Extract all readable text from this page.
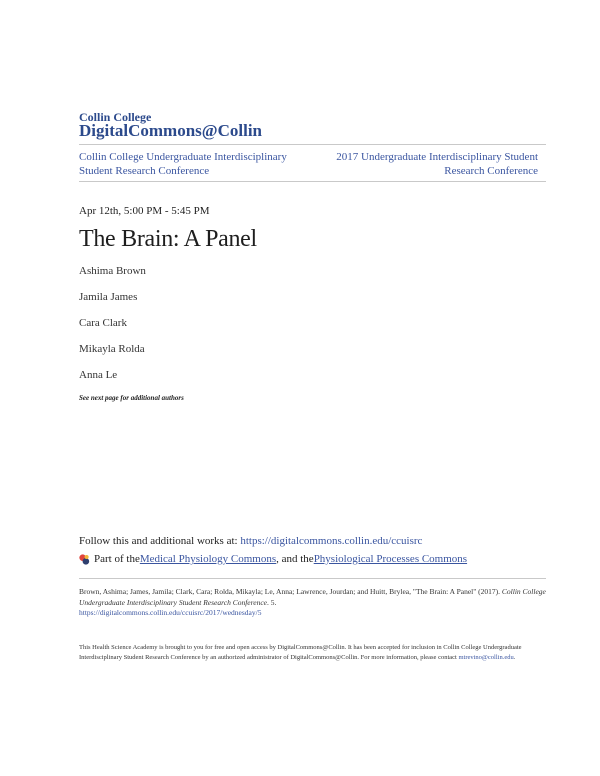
Collin College
DigitalCommons@Collin
Collin College Undergraduate Interdisciplinary Student Research Conference
2017 Undergraduate Interdisciplinary Student Research Conference
Apr 12th, 5:00 PM - 5:45 PM
The Brain: A Panel
Ashima Brown
Jamila James
Cara Clark
Mikayla Rolda
Anna Le
See next page for additional authors
Follow this and additional works at: https://digitalcommons.collin.edu/ccuisrc
Part of the Medical Physiology Commons , and the Physiological Processes Commons
Brown, Ashima; James, Jamila; Clark, Cara; Rolda, Mikayla; Le, Anna; Lawrence, Jourdan; and Huitt, Brylea, "The Brain: A Panel" (2017). Collin College Undergraduate Interdisciplinary Student Research Conference. 5.
https://digitalcommons.collin.edu/ccuisrc/2017/wednesday/5
This Health Science Academy is brought to you for free and open access by DigitalCommons@Collin. It has been accepted for inclusion in Collin College Undergraduate Interdisciplinary Student Research Conference by an authorized administrator of DigitalCommons@Collin. For more information, please contact mtrevino@collin.edu.
